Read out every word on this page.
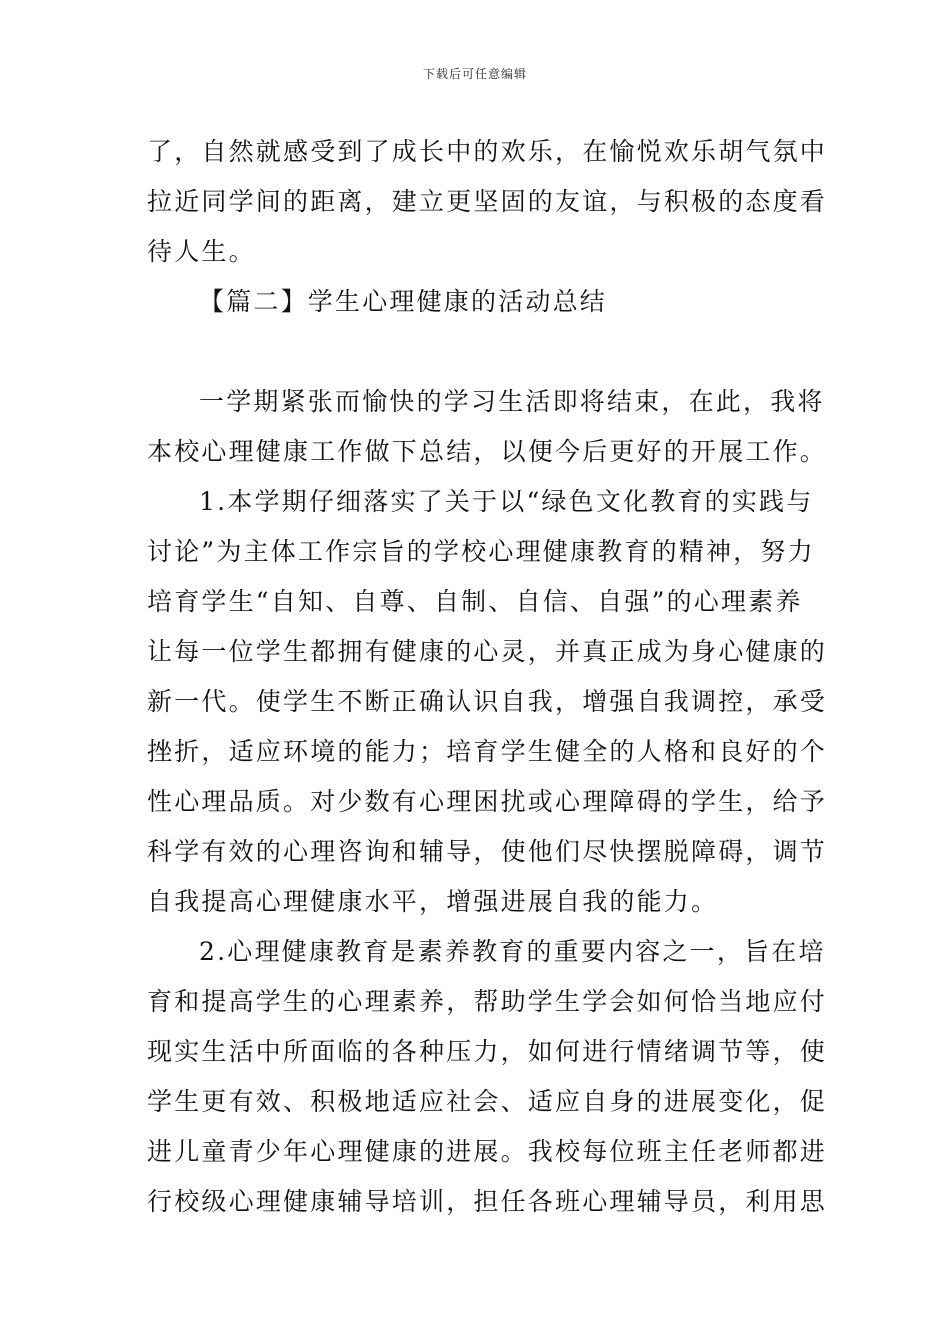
下载后可任意编辑
了，自然就感受到了成长中的欢乐，在愉悦欢乐胡气氛中
拉近同学间的距离，建立更坚固的友谊，与积极的态度看
待人生。
【篇二】学生心理健康的活动总结
一学期紧张而愉快的学习生活即将结束，在此，我将
本校心理健康工作做下总结，以便今后更好的开展工作。
1.本学期仔细落实了关于以“绿色文化教育的实践与
讨论”为主体工作宗旨的学校心理健康教育的精神，努力
培育学生“自知、自尊、自制、自信、自强”的心理素养
让每一位学生都拥有健康的心灵，并真正成为身心健康的
新一代。使学生不断正确认识自我，增强自我调控，承受
挫折，适应环境的能力；培育学生健全的人格和良好的个
性心理品质。对少数有心理困扰或心理障碍的学生，给予
科学有效的心理咨询和辅导，使他们尽快摆脱障碍，调节
自我提高心理健康水平，增强进展自我的能力。
2.心理健康教育是素养教育的重要内容之一，旨在培
育和提高学生的心理素养，帮助学生学会如何恰当地应付
现实生活中所面临的各种压力，如何进行情绪调节等，使
学生更有效、积极地适应社会、适应自身的进展变化，促
进儿童青少年心理健康的进展。我校每位班主任老师都进
行校级心理健康辅导培训，担任各班心理辅导员，利用思
